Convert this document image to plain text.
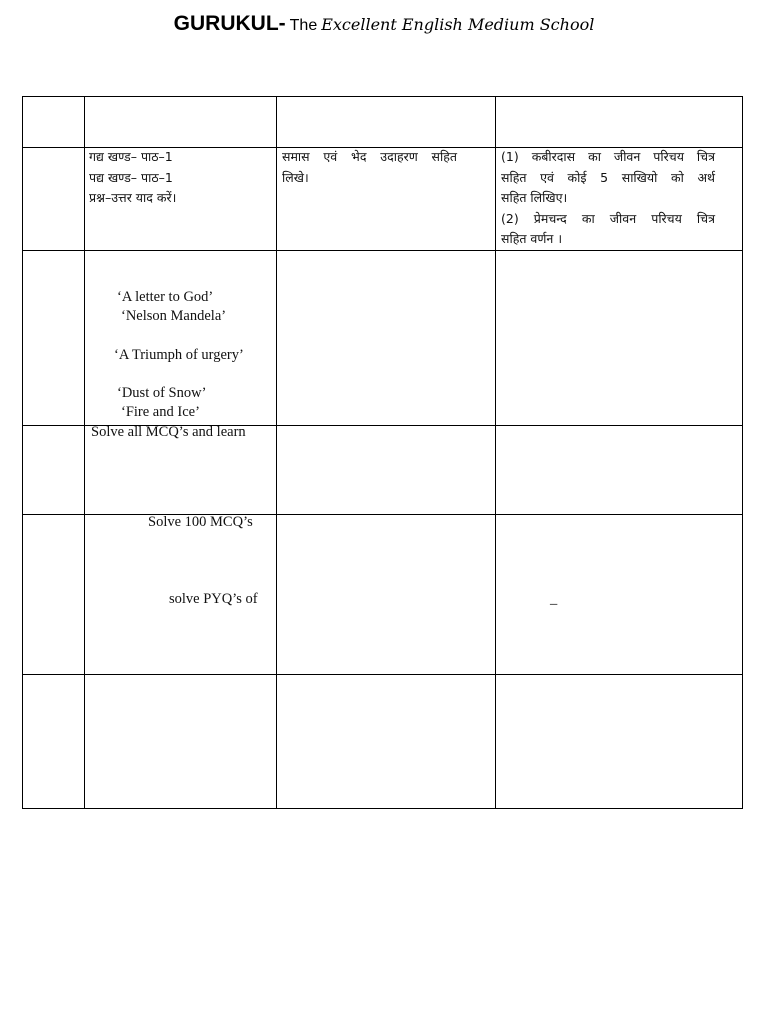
GURUKUL- The Excellent English Medium School
गद्य खण्ड– पाठ–1
पद्य खण्ड– पाठ–1
प्रश्न–उत्तर याद करें।
समास एवं भेद उदाहरण सहित
लिखे।
(1) कबीरदास का जीवन परिचय चित्र
सहित एवं कोई 5 साखियो को अर्थ
सहित लिखिए।
(2) प्रेमचन्द का जीवन परिचय चित्र
सहित वर्णन ।
‘A letter to God’
‘Nelson Mandela’
‘A Triumph of urgery’
‘Dust of Snow’
‘Fire and Ice’
Solve all MCQ’s and learn
Solve 100 MCQ’s
solve PYQ’s of	–
